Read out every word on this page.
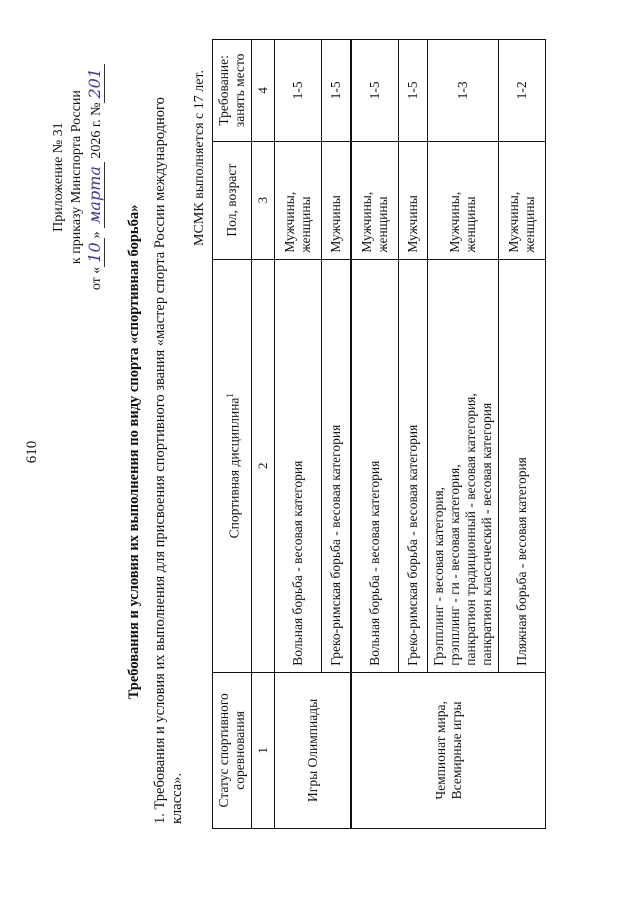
610
Приложение № 31 к приказу Минспорта России
от «10» марта 2026 г. №201
Требования и условия их выполнения по виду спорта «спортивная борьба» 1. Требования и условия их выполнения для присвоения спортивного звания «мастер спорта России международного класса».
МСМК выполняется с 17 лет.
Статус спортивного соревнования	Спортивная дисциплина$^1$	Пол, возраст	Требование: занять место
1	2	3	4
Игры Олимпиады	Вольная борьба - весовая категория	Мужчины, женщины	1-5
	Греко-римская борьба - весовая категория	Мужчины	1-5
Чемпионат мира, Всемирные игры	Вольная борьба - весовая категория	Мужчины, женщины	1-5
	Греко-римская борьба - весовая категория	Мужчины	1-5

	Грэпплинг - весовая категория, грэпплинг - ги - весовая категория, панкратион традиционный - весовая категория, панкратион классический - весовая категория	Мужчины, женщины	1-3
	Пляжная борьба - весовая категория	Мужчины, женщины	1-2
